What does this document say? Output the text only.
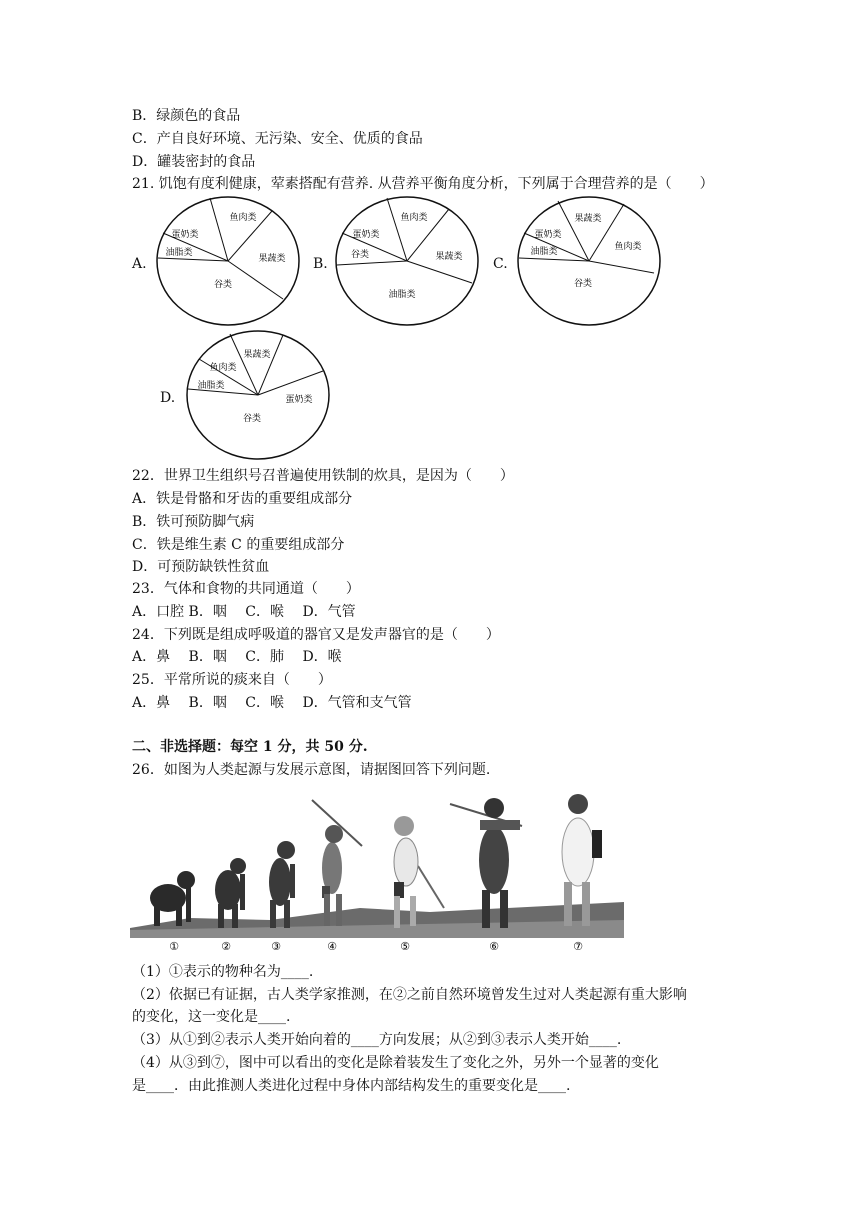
B．绿颜色的食品
C．产自良好环境、无污染、安全、优质的食品
D．罐装密封的食品
21. 饥饱有度利健康，荤素搭配有营养. 从营养平衡角度分析，下列属于合理营养的是（　　）
A.
鱼肉类
蛋奶类
油脂类
谷类
果蔬类 B.
鱼肉类
蛋奶类
谷类
油脂类
果蔬类 C.
果蔬类
蛋奶类
油脂类
谷类
鱼肉类
D.
果蔬类
鱼肉类
油脂类
谷类
蛋奶类
22．世界卫生组织号召普遍使用铁制的炊具，是因为（　　）
A．铁是骨骼和牙齿的重要组成部分
B．铁可预防脚气病
C．铁是维生素 C 的重要组成部分
D．可预防缺铁性贫血
23．气体和食物的共同通道（　　）
A．口腔 B．咽　 C．喉　 D．气管
24．下列既是组成呼吸道的器官又是发声器官的是（　　）
A．鼻　 B．咽　 C．肺　 D．喉
25．平常所说的痰来自（　　）
A．鼻　 B．咽　 C．喉　 D．气管和支气管
二、非选择题：每空 1 分，共 50 分.
26．如图为人类起源与发展示意图，请据图回答下列问题.
①	②	③	④	⑤	⑥	⑦
（1）①表示的物种名为____.
（2）依据已有证据，古人类学家推测，在②之前自然环境曾发生过对人类起源有重大影响
的变化，这一变化是____.
（3）从①到②表示人类开始向着的____方向发展；从②到③表示人类开始____.
（4）从③到⑦，图中可以看出的变化是除着装发生了变化之外，另外一个显著的变化
是____．由此推测人类进化过程中身体内部结构发生的重要变化是____.
